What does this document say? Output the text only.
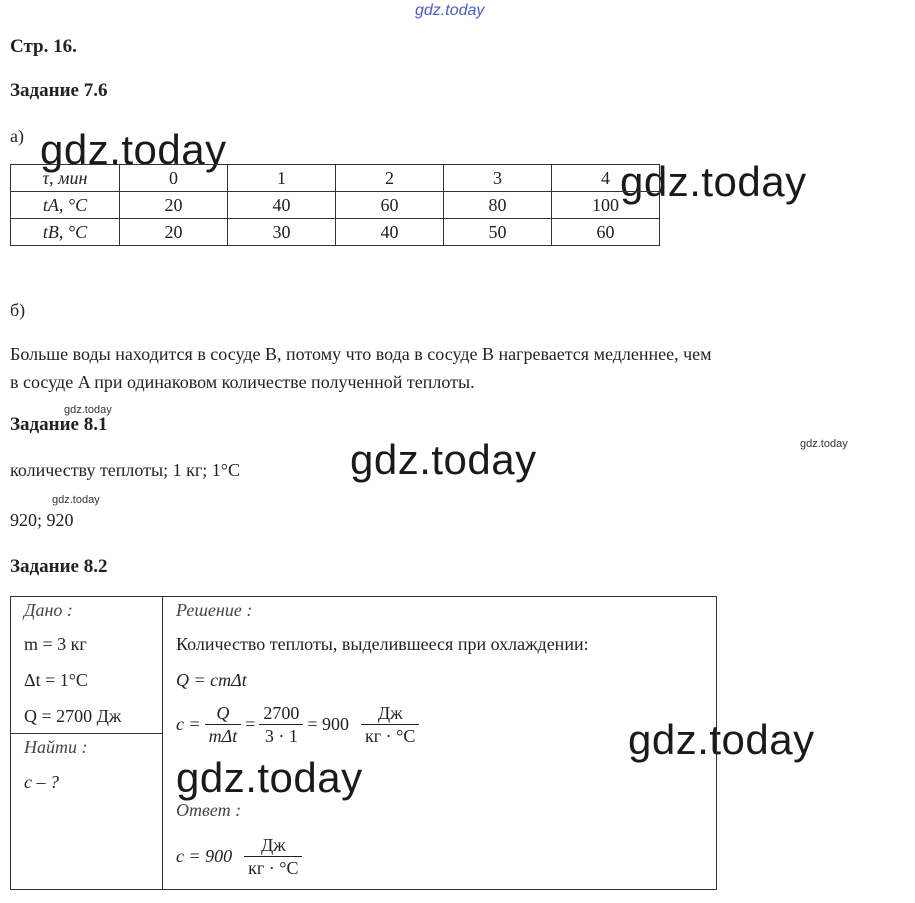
gdz.today
gdz.today
gdz.today
gdz.today
gdz.today
gdz.today
gdz.today
gdz.today
gdz.today
Стр. 16.
Задание 7.6
а)
τ, мин	0	1	2	3	4
tA, °С	20	40	60	80	100
tB, °С	20	30	40	50	60
б)
Больше воды находится в сосуде B, потому что вода в сосуде B нагревается медленнее, чем
в сосуде A при одинаковом количестве полученной теплоты.
Задание 8.1
количеству теплоты; 1 кг; 1°С
920; 920
Задание 8.2
Дано :
m = 3 кг
Δt = 1°С
Q = 2700 Дж
Найти :
c – ?
Решение :
Количество теплоты, выделившееся при охлаждении:
Q = cmΔt
$c = \frac{Q}{\text{mΔt}} = \frac{2700}{3 \cdot 1} = 900 \frac{Дж}{кг \cdot ^\circ С}$
Ответ :
$c = 900 \frac{Дж}{кг \cdot ^\circ С}$
